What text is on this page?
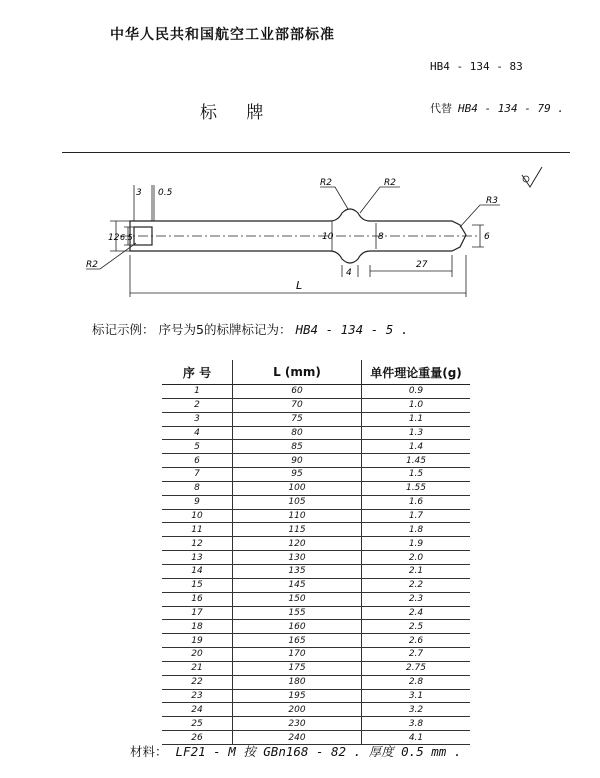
中华人民共和国航空工业部部标准
HB4 - 134 - 83
标 牌	代替 HB4 - 134 - 79 .
3 0.5
R2	R2
R3
12 6.5	10	8	6
4
27
R2
L
标记示例： 序号为5的标牌标记为： HB4 - 134 - 5 .
序 号	L (mm)	单件理论重量(g)
1	60	0.9
2	70	1.0
3	75	1.1
4	80	1.3
5	85	1.4
6	90	1.45
7	95	1.5
8	100	1.55
9	105	1.6
10	110	1.7
11	115	1.8
12	120	1.9
13	130	2.0
14	135	2.1
15	145	2.2
16	150	2.3
17	155	2.4
18	160	2.5
19	165	2.6
20	170	2.7
21	175	2.75
22	180	2.8
23	195	3.1
24	200	3.2
25	230	3.8
26	240	4.1
材料： LF21 - M 按 GBn168 - 82 . 厚度 0.5 mm .
